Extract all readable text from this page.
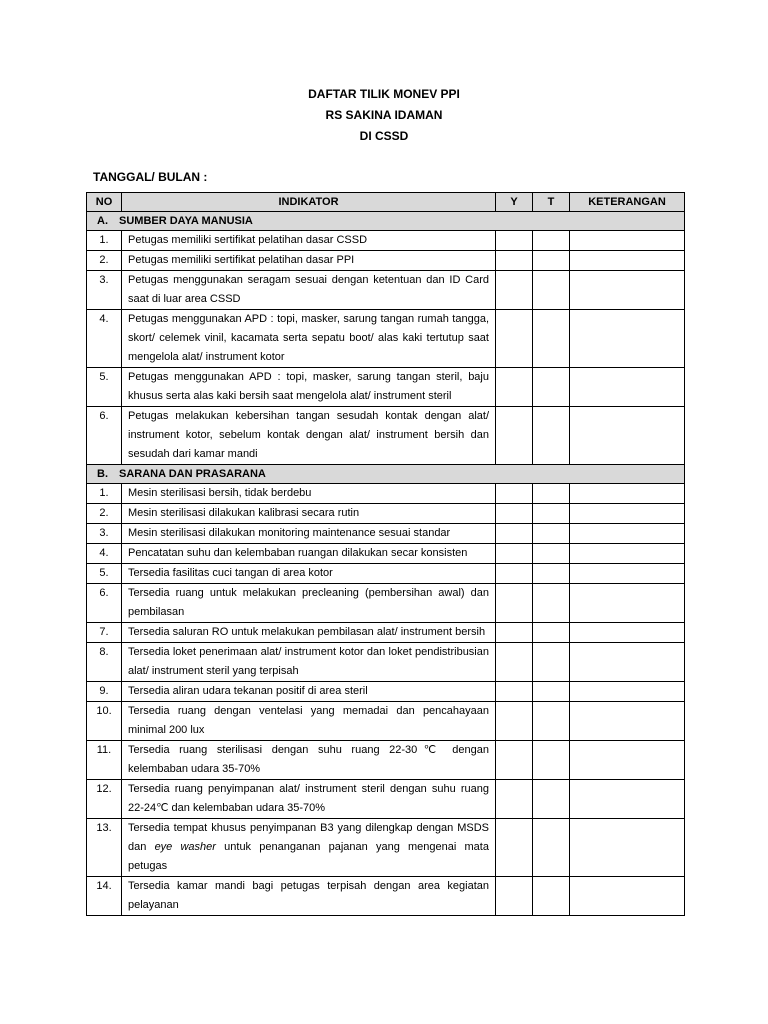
DAFTAR TILIK MONEV PPI
RS SAKINA IDAMAN
DI CSSD
TANGGAL/ BULAN :
NO	INDIKATOR	Y	T	KETERANGAN
A. SUMBER DAYA MANUSIA				
1.	Petugas memiliki sertifikat pelatihan dasar CSSD			
2.	Petugas memiliki sertifikat pelatihan dasar PPI			
3.	Petugas menggunakan seragam sesuai dengan ketentuan dan ID Card saat di luar area CSSD			
4.	Petugas menggunakan APD : topi, masker, sarung tangan rumah tangga, skort/ celemek vinil, kacamata serta sepatu boot/ alas kaki tertutup saat mengelola alat/ instrument kotor			
5.	Petugas menggunakan APD : topi, masker, sarung tangan steril, baju khusus serta alas kaki bersih saat mengelola alat/ instrument steril			
6.	Petugas melakukan kebersihan tangan sesudah kontak dengan alat/ instrument kotor, sebelum kontak dengan alat/ instrument bersih dan sesudah dari kamar mandi			
B. SARANA DAN PRASARANA				
1.	Mesin sterilisasi bersih, tidak berdebu			
2.	Mesin sterilisasi dilakukan kalibrasi secara rutin			
3.	Mesin sterilisasi dilakukan monitoring maintenance sesuai standar			
4.	Pencatatan suhu dan kelembaban ruangan dilakukan secar konsisten			
5.	Tersedia fasilitas cuci tangan di area kotor			
6.	Tersedia ruang untuk melakukan precleaning (pembersihan awal) dan pembilasan			
7.	Tersedia saluran RO untuk melakukan pembilasan alat/ instrument bersih			
8.	Tersedia loket penerimaan alat/ instrument kotor dan loket pendistribusian alat/ instrument steril yang terpisah			
9.	Tersedia aliran udara tekanan positif di area steril			
10.	Tersedia ruang dengan ventelasi yang memadai dan pencahayaan minimal 200 lux			
11.	Tersedia ruang sterilisasi dengan suhu ruang 22-30℃ dengan kelembaban udara 35-70%			
12.	Tersedia ruang penyimpanan alat/ instrument steril dengan suhu ruang 22-24℃ dan kelembaban udara 35-70%			
13.	Tersedia tempat khusus penyimpanan B3 yang dilengkap dengan MSDS dan eye washer untuk penanganan pajanan yang mengenai mata petugas			
14.	Tersedia kamar mandi bagi petugas terpisah dengan area kegiatan pelayanan			
